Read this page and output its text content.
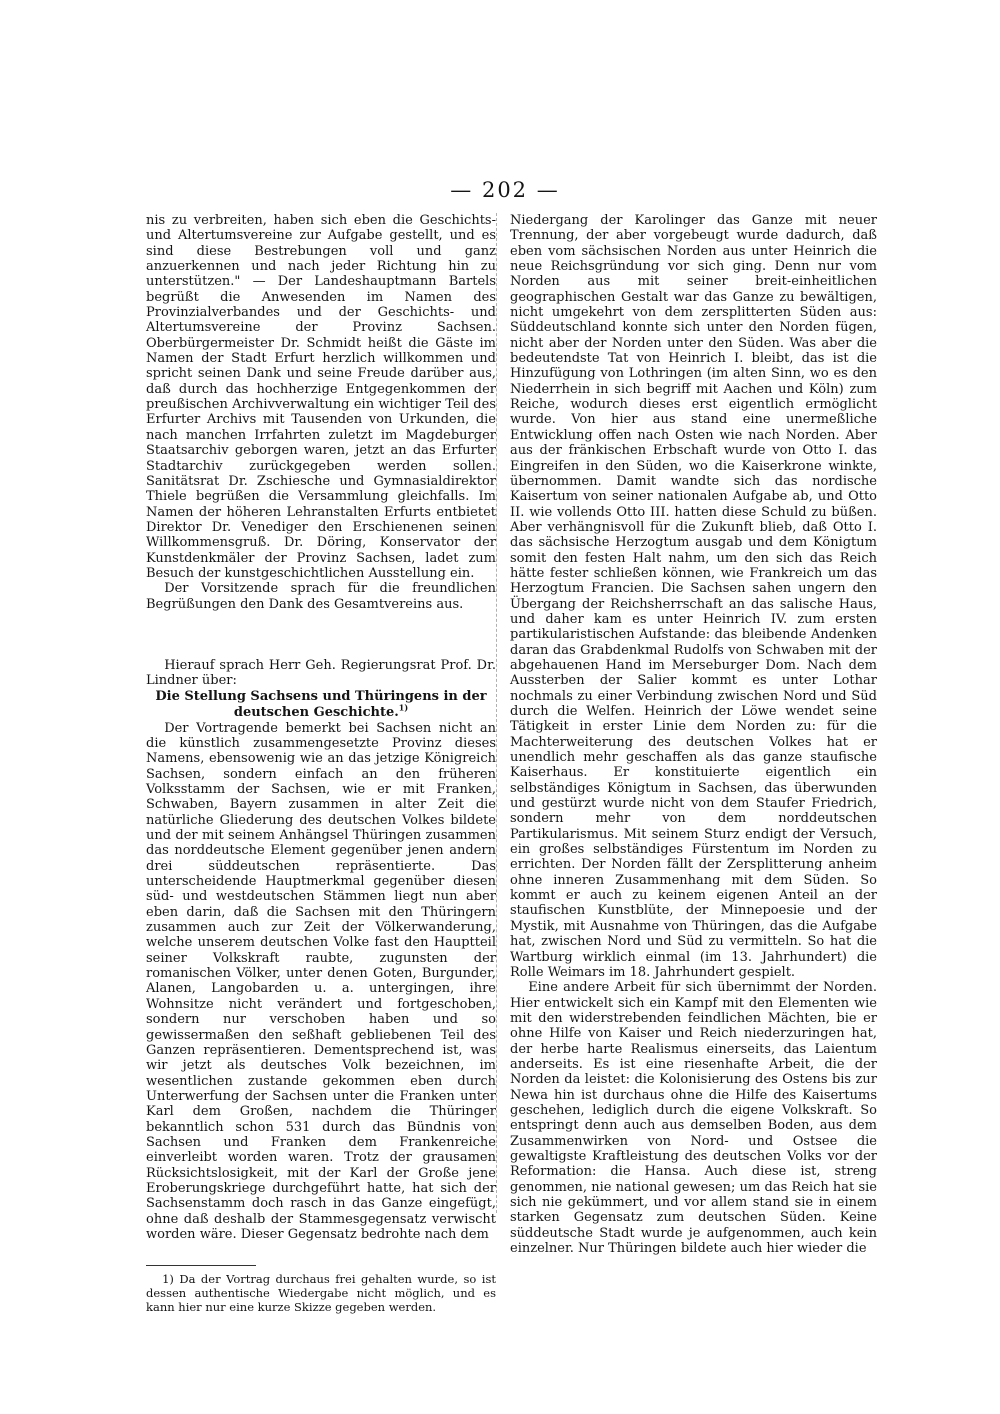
— 202 —

nis zu verbreiten, haben sich eben die Geschichts- und Altertumsvereine zur Aufgabe gestellt, und es sind diese Bestrebungen voll und ganz anzuerkennen und nach jeder Richtung hin zu unterstützen." — Der Landeshauptmann Bartels begrüßt die Anwesenden im Namen des Provinzialverbandes und der Geschichts- und Altertumsvereine der Provinz Sachsen. Oberbürgermeister Dr. Schmidt heißt die Gäste im Namen der Stadt Erfurt herzlich willkommen und spricht seinen Dank und seine Freude darüber aus, daß durch das hochherzige Entgegenkommen der preußischen Archivverwaltung ein wichtiger Teil des Erfurter Archivs mit Tausenden von Urkunden, die nach manchen Irrfahrten zuletzt im Magdeburger Staatsarchiv geborgen waren, jetzt an das Erfurter Stadtarchiv zurückgegeben werden sollen. Sanitätsrat Dr. Zschiesche und Gymnasialdirektor Thiele begrüßen die Versammlung gleichfalls. Im Namen der höheren Lehranstalten Erfurts entbietet Direktor Dr. Venediger den Erschienenen seinen Willkommensgruß. Dr. Döring, Konservator der Kunstdenkmäler der Provinz Sachsen, ladet zum Besuch der kunstgeschichtlichen Ausstellung ein.

Der Vorsitzende sprach für die freundlichen Begrüßungen den Dank des Gesamtvereins aus.

Hierauf sprach Herr Geh. Regierungsrat Prof. Dr. Lindner über:

Die Stellung Sachsens und Thüringens in der deutschen Geschichte.$^{1)}$

Der Vortragende bemerkt bei Sachsen nicht an die künstlich zusammengesetzte Provinz dieses Namens, ebensowenig wie an das jetzige Königreich Sachsen, sondern einfach an den früheren Volksstamm der Sachsen, wie er mit Franken, Schwaben, Bayern zusammen in alter Zeit die natürliche Gliederung des deutschen Volkes bildete und der mit seinem Anhängsel Thüringen zusammen das norddeutsche Element gegenüber jenen andern drei süddeutschen repräsentierte. Das unterscheidende Hauptmerkmal gegenüber diesen süd- und westdeutschen Stämmen liegt nun aber eben darin, daß die Sachsen mit den Thüringern zusammen auch zur Zeit der Völkerwanderung, welche unserem deutschen Volke fast den Hauptteil seiner Volkskraft raubte, zugunsten der romanischen Völker, unter denen Goten, Burgunder, Alanen, Langobarden u. a. untergingen, ihre Wohnsitze nicht verändert und fortgeschoben, sondern nur verschoben haben und so gewissermaßen den seßhaft gebliebenen Teil des Ganzen repräsentieren. Dementsprechend ist, was wir jetzt als deutsches Volk bezeichnen, im wesentlichen zustande gekommen eben durch Unterwerfung der Sachsen unter die Franken unter Karl dem Großen, nachdem die Thüringer bekanntlich schon 531 durch das Bündnis von Sachsen und Franken dem Frankenreiche einverleibt worden waren. Trotz der grausamen Rücksichtslosigkeit, mit der Karl der Große jene Eroberungskriege durchgeführt hatte, hat sich der Sachsenstamm doch rasch in das Ganze eingefügt, ohne daß deshalb der Stammesgegensatz verwischt worden wäre. Dieser Gegensatz bedrohte nach dem

1) Da der Vortrag durchaus frei gehalten wurde, so ist dessen authentische Wiedergabe nicht möglich, und es kann hier nur eine kurze Skizze gegeben werden.

Niedergang der Karolinger das Ganze mit neuer Trennung, der aber vorgebeugt wurde dadurch, daß eben vom sächsischen Norden aus unter Heinrich die neue Reichsgründung vor sich ging. Denn nur vom Norden aus mit seiner breit-einheitlichen geographischen Gestalt war das Ganze zu bewältigen, nicht umgekehrt von dem zersplitterten Süden aus: Süddeutschland konnte sich unter den Norden fügen, nicht aber der Norden unter den Süden. Was aber die bedeutendste Tat von Heinrich I. bleibt, das ist die Hinzufügung von Lothringen (im alten Sinn, wo es den Niederrhein in sich begriff mit Aachen und Köln) zum Reiche, wodurch dieses erst eigentlich ermöglicht wurde. Von hier aus stand eine unermeßliche Entwicklung offen nach Osten wie nach Norden. Aber aus der fränkischen Erbschaft wurde von Otto I. das Eingreifen in den Süden, wo die Kaiserkrone winkte, übernommen. Damit wandte sich das nordische Kaisertum von seiner nationalen Aufgabe ab, und Otto II. wie vollends Otto III. hatten diese Schuld zu büßen. Aber verhängnisvoll für die Zukunft blieb, daß Otto I. das sächsische Herzogtum ausgab und dem Königtum somit den festen Halt nahm, um den sich das Reich hätte fester schließen können, wie Frankreich um das Herzogtum Francien. Die Sachsen sahen ungern den Übergang der Reichsherrschaft an das salische Haus, und daher kam es unter Heinrich IV. zum ersten partikularistischen Aufstande: das bleibende Andenken daran das Grabdenkmal Rudolfs von Schwaben mit der abgehauenen Hand im Merseburger Dom. Nach dem Aussterben der Salier kommt es unter Lothar nochmals zu einer Verbindung zwischen Nord und Süd durch die Welfen. Heinrich der Löwe wendet seine Tätigkeit in erster Linie dem Norden zu: für die Machterweiterung des deutschen Volkes hat er unendlich mehr geschaffen als das ganze staufische Kaiserhaus. Er konstituierte eigentlich ein selbständiges Königtum in Sachsen, das überwunden und gestürzt wurde nicht von dem Staufer Friedrich, sondern mehr von dem norddeutschen Partikularismus. Mit seinem Sturz endigt der Versuch, ein großes selbständiges Fürstentum im Norden zu errichten. Der Norden fällt der Zersplitterung anheim ohne inneren Zusammenhang mit dem Süden. So kommt er auch zu keinem eigenen Anteil an der staufischen Kunstblüte, der Minnepoesie und der Mystik, mit Ausnahme von Thüringen, das die Aufgabe hat, zwischen Nord und Süd zu vermitteln. So hat die Wartburg wirklich einmal (im 13. Jahrhundert) die Rolle Weimars im 18. Jahrhundert gespielt.

Eine andere Arbeit für sich übernimmt der Norden. Hier entwickelt sich ein Kampf mit den Elementen wie mit den widerstrebenden feindlichen Mächten, bie er ohne Hilfe von Kaiser und Reich niederzuringen hat, der herbe harte Realismus einerseits, das Laientum anderseits. Es ist eine riesenhafte Arbeit, die der Norden da leistet: die Kolonisierung des Ostens bis zur Newa hin ist durchaus ohne die Hilfe des Kaisertums geschehen, lediglich durch die eigene Volkskraft. So entspringt denn auch aus demselben Boden, aus dem Zusammenwirken von Nord- und Ostsee die gewaltigste Kraftleistung des deutschen Volks vor der Reformation: die Hansa. Auch diese ist, streng genommen, nie national gewesen; um das Reich hat sie sich nie gekümmert, und vor allem stand sie in einem starken Gegensatz zum deutschen Süden. Keine süddeutsche Stadt wurde je aufgenommen, auch kein einzelner. Nur Thüringen bildete auch hier wieder die
